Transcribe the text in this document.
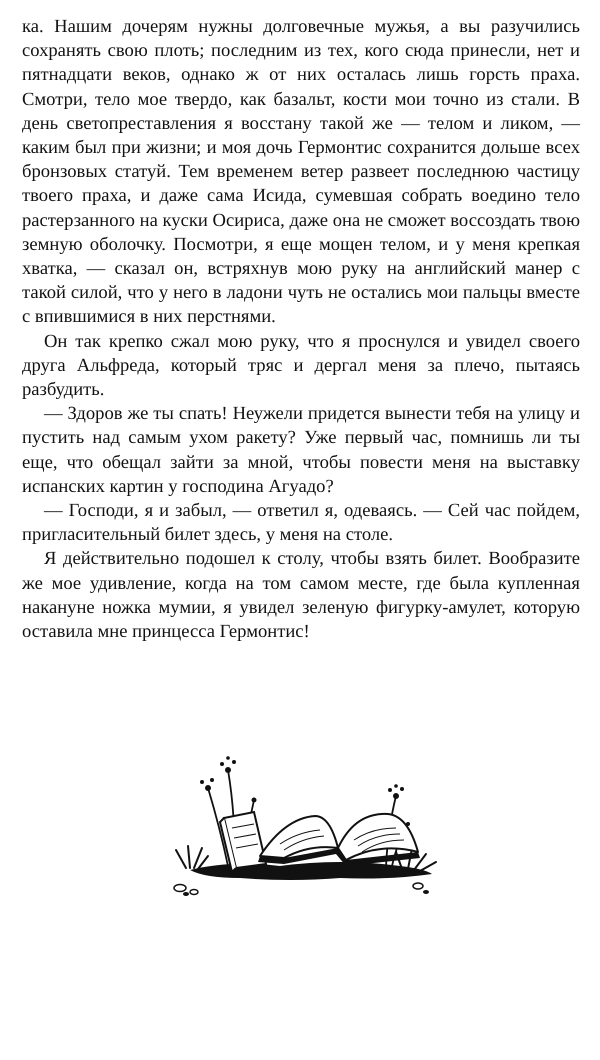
ка. Нашим дочерям нужны долговечные мужья, а вы разучились сохранять свою плоть; последним из тех, кого сюда принесли, нет и пятнадцати веков, однако ж от них осталась лишь горсть праха. Смотри, тело мое твердо, как базальт, кости мои точно из стали. В день светопреставления я восстану такой же — телом и ликом, — каким был при жизни; и моя дочь Гермонтис сохранится дольше всех бронзовых статуй. Тем временем ветер развеет последнюю частицу твоего праха, и даже сама Исида, сумевшая собрать воедино тело растерзанного на куски Осириса, даже она не сможет воссоздать твою земную оболочку. Посмотри, я еще мощен телом, и у меня крепкая хватка, — сказал он, встряхнув мою руку на английский манер с такой силой, что у него в ладони чуть не остались мои пальцы вместе с впившимися в них перстнями.

Он так крепко сжал мою руку, что я проснулся и увидел своего друга Альфреда, который тряс и дергал меня за плечо, пытаясь разбудить.

— Здоров же ты спать! Неужели придется вынести тебя на улицу и пустить над самым ухом ракету? Уже первый час, помнишь ли ты еще, что обещал зайти за мной, чтобы повести меня на выставку испанских картин у господина Агуадо?

— Господи, я и забыл, — ответил я, одеваясь. — Сей час пойдем, пригласительный билет здесь, у меня на столе.

Я действительно подошел к столу, чтобы взять билет. Вообразите же мое удивление, когда на том самом месте, где была купленная накануне ножка мумии, я увидел зеленую фигурку-амулет, которую оставила мне принцесса Гермонтис!
